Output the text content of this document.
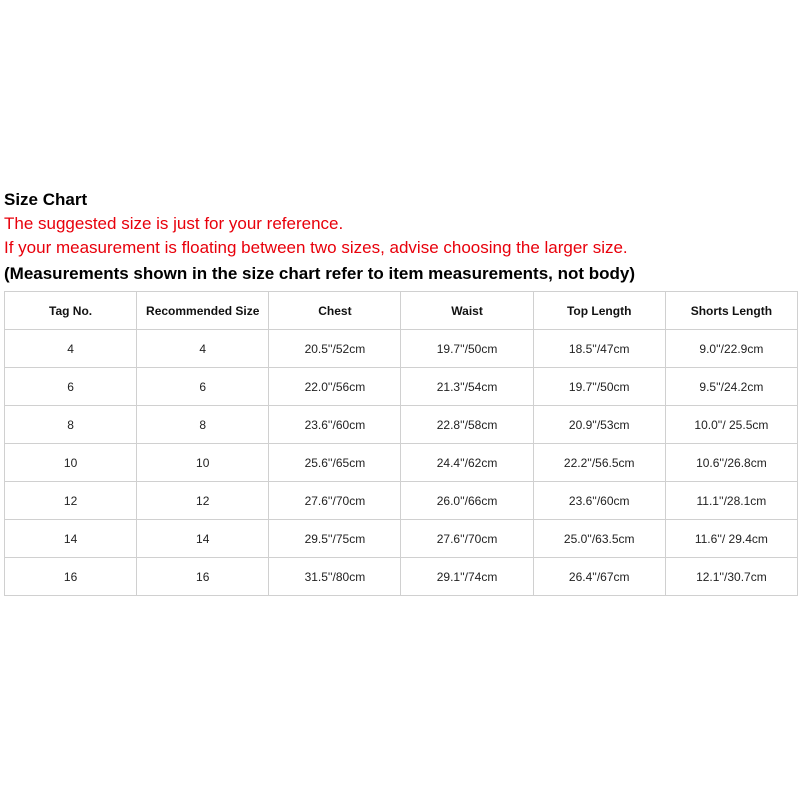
Size Chart

The suggested size is just for your reference.

If your measurement is floating between two sizes, advise choosing the larger size.

(Measurements shown in the size chart refer to item measurements, not body)

Tag No.	Recommended Size	Chest	Waist	Top Length	Shorts Length
4	4	20.5''/52cm	19.7''/50cm	18.5''/47cm	9.0''/22.9cm
6	6	22.0''/56cm	21.3''/54cm	19.7''/50cm	9.5''/24.2cm
8	8	23.6''/60cm	22.8''/58cm	20.9''/53cm	10.0''/ 25.5cm
10	10	25.6''/65cm	24.4''/62cm	22.2''/56.5cm	10.6''/26.8cm
12	12	27.6''/70cm	26.0''/66cm	23.6''/60cm	11.1''/28.1cm
14	14	29.5''/75cm	27.6''/70cm	25.0''/63.5cm	11.6''/ 29.4cm
16	16	31.5''/80cm	29.1''/74cm	26.4''/67cm	12.1''/30.7cm
